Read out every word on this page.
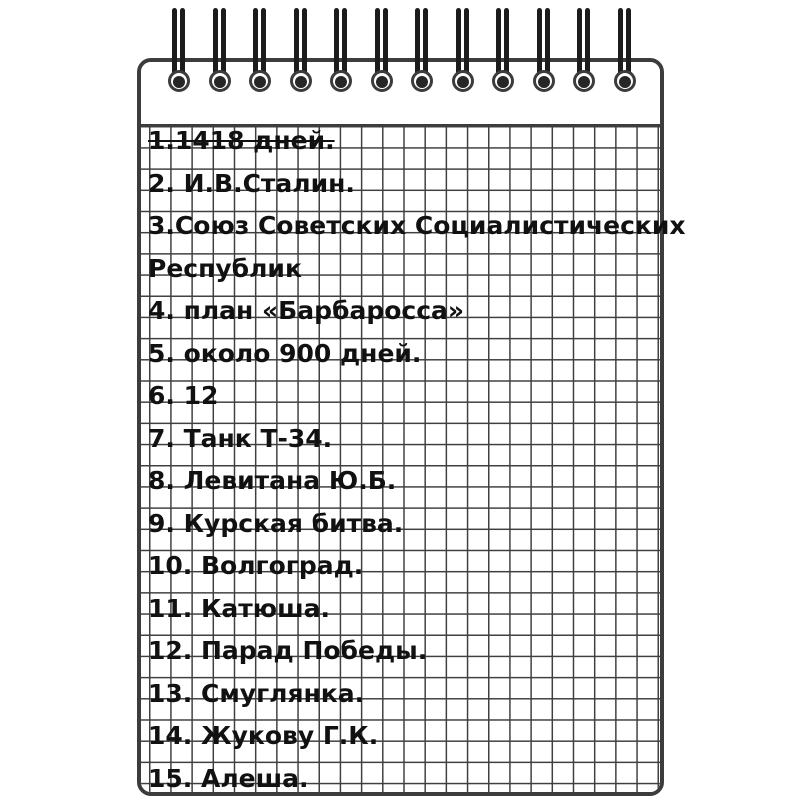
1.1418 дней.
2. И.В.Сталин.
3.Союз Советских Социалистических Республик
4. план «Барбаросса»
5. около 900 дней.
6. 12
7. Танк Т-34.
8. Левитана Ю.Б.
9. Курская битва.
10. Волгоград.
11. Катюша.
12. Парад Победы.
13. Смуглянка.
14. Жукову Г.К.
15. Алеша.
